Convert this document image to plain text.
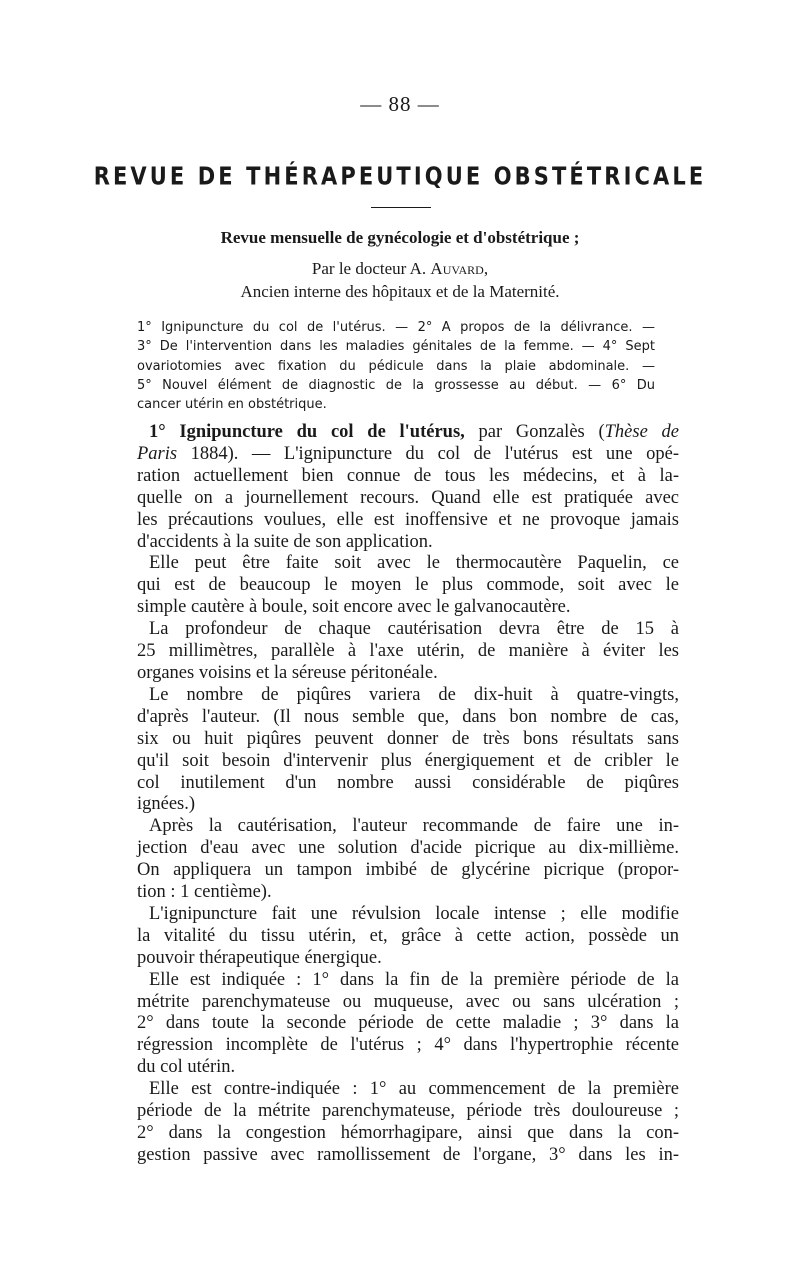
— 88 —
REVUE DE THÉRAPEUTIQUE OBSTÉTRICALE
Revue mensuelle de gynécologie et d'obstétrique ;
Par le docteur A. Auvard,
Ancien interne des hôpitaux et de la Maternité.
1° Ignipuncture du col de l'utérus. — 2° A propos de la délivrance. —
3° De l'intervention dans les maladies génitales de la femme. — 4° Sept
ovariotomies avec fixation du pédicule dans la plaie abdominale. —
5° Nouvel élément de diagnostic de la grossesse au début. — 6° Du
cancer utérin en obstétrique.
1° Ignipuncture du col de l'utérus, par Gonzalès (Thèse de
Paris 1884). — L'ignipuncture du col de l'utérus est une opé-
ration actuellement bien connue de tous les médecins, et à la-
quelle on a journellement recours. Quand elle est pratiquée avec
les précautions voulues, elle est inoffensive et ne provoque jamais
d'accidents à la suite de son application.
Elle peut être faite soit avec le thermocautère Paquelin, ce
qui est de beaucoup le moyen le plus commode, soit avec le
simple cautère à boule, soit encore avec le galvanocautère.
La profondeur de chaque cautérisation devra être de 15 à
25 millimètres, parallèle à l'axe utérin, de manière à éviter les
organes voisins et la séreuse péritonéale.
Le nombre de piqûres variera de dix-huit à quatre-vingts,
d'après l'auteur. (Il nous semble que, dans bon nombre de cas,
six ou huit piqûres peuvent donner de très bons résultats sans
qu'il soit besoin d'intervenir plus énergiquement et de cribler le
col inutilement d'un nombre aussi considérable de piqûres
ignées.)
Après la cautérisation, l'auteur recommande de faire une in-
jection d'eau avec une solution d'acide picrique au dix-millième.
On appliquera un tampon imbibé de glycérine picrique (propor-
tion : 1 centième).
L'ignipuncture fait une révulsion locale intense ; elle modifie
la vitalité du tissu utérin, et, grâce à cette action, possède un
pouvoir thérapeutique énergique.
Elle est indiquée : 1° dans la fin de la première période de la
métrite parenchymateuse ou muqueuse, avec ou sans ulcération ;
2° dans toute la seconde période de cette maladie ; 3° dans la
régression incomplète de l'utérus ; 4° dans l'hypertrophie récente
du col utérin.
Elle est contre-indiquée : 1° au commencement de la première
période de la métrite parenchymateuse, période très douloureuse ;
2° dans la congestion hémorrhagipare, ainsi que dans la con-
gestion passive avec ramollissement de l'organe, 3° dans les in-
